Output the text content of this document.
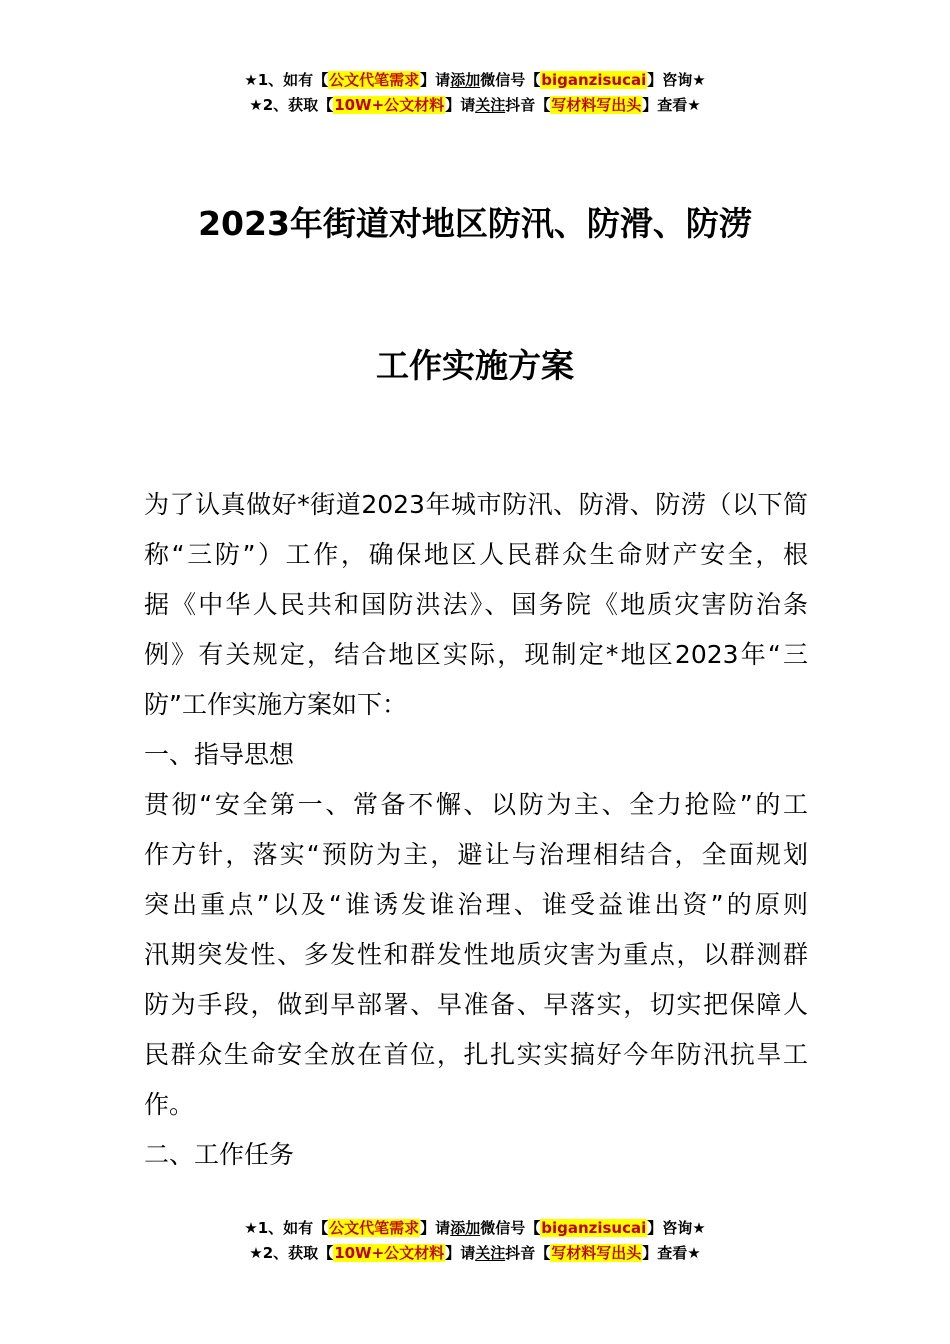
★1、如有【公文代笔需求】请添加微信号【biganzisucai】咨询★
★2、获取【10W+公文材料】请关注抖音【写材料写出头】查看★
2023年街道对地区防汛、防滑、防涝
工作实施方案
为了认真做好*街道2023年城市防汛、防滑、防涝（以下简
称“三防”）工作，确保地区人民群众生命财产安全，根
据《中华人民共和国防洪法》、国务院《地质灾害防治条
例》有关规定，结合地区实际，现制定*地区2023年“三
防”工作实施方案如下：
一、指导思想
贯彻“安全第一、常备不懈、以防为主、全力抢险”的工
作方针，落实“预防为主，避让与治理相结合，全面规划
突出重点”以及“谁诱发谁治理、谁受益谁出资”的原则
汛期突发性、多发性和群发性地质灾害为重点，以群测群
防为手段，做到早部署、早准备、早落实，切实把保障人
民群众生命安全放在首位，扎扎实实搞好今年防汛抗旱工
作。
二、工作任务
★1、如有【公文代笔需求】请添加微信号【biganzisucai】咨询★
★2、获取【10W+公文材料】请关注抖音【写材料写出头】查看★
